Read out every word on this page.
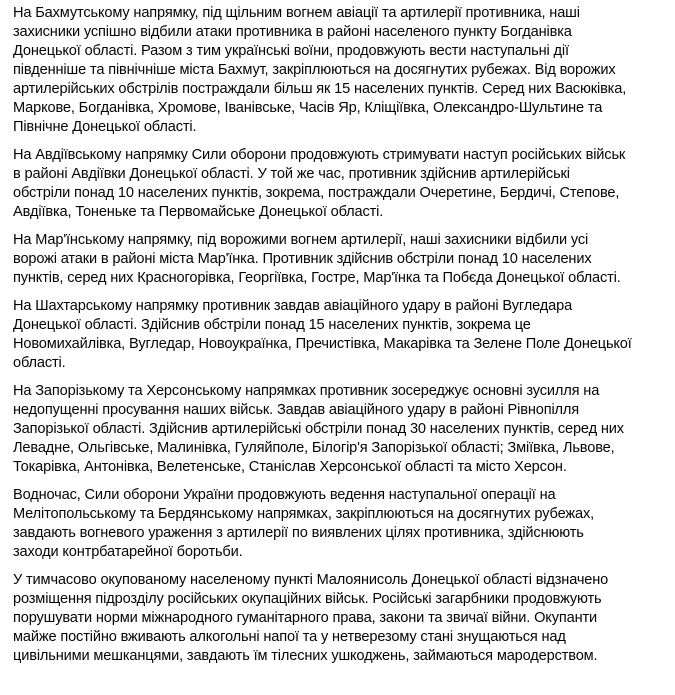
На Бахмутському напрямку, під щільним вогнем авіації та артилерії противника, наші
захисники успішно відбили атаки противника в районі населеного пункту Богданівка
Донецької області. Разом з тим українські воїни, продовжують вести наступальні дії
південніше та північніше міста Бахмут, закріплюються на досягнутих рубежах. Від ворожих
артилерійських обстрілів постраждали більш як 15 населених пунктів. Серед них Васюківка,
Маркове, Богданівка, Хромове, Іванівське, Часів Яр, Кліщіївка, Олександро-Шультине та
Північне Донецької області.

На Авдіївському напрямку Сили оборони продовжують стримувати наступ російських військ
в районі Авдіївки Донецької області. У той же час, противник здійснив артилерійські
обстріли понад 10 населених пунктів, зокрема, постраждали Очеретине, Бердичі, Степове,
Авдіївка, Тоненьке та Первомайське Донецької області.

На Мар'їнському напрямку, під ворожими вогнем артилерії, наші захисники відбили усі
ворожі атаки в районі міста Мар'їнка. Противник здійснив обстріли понад 10 населених
пунктів, серед них Красногорівка, Георгіївка, Гостре, Мар'їнка та Побєда Донецької області.

На Шахтарському напрямку противник завдав авіаційного удару в районі Вугледара
Донецької області. Здійснив обстріли понад 15 населених пунктів, зокрема це
Новомихайлівка, Вугледар, Новоукраїнка, Пречистівка, Макарівка та Зелене Поле Донецької
області.

На Запорізькому та Херсонському напрямках противник зосереджує основні зусилля на
недопущенні просування наших військ. Завдав авіаційного удару в районі Рівнопілля
Запорізької області. Здійснив артилерійські обстріли понад 30 населених пунктів, серед них
Левадне, Ольгівське, Малинівка, Гуляйполе, Білогір'я Запорізької області; Зміївка, Львове,
Токарівка, Антонівка, Велетенське, Станіслав Херсонської області та місто Херсон.

Водночас, Сили оборони України продовжують ведення наступальної операції на
Мелітопольському та Бердянському напрямках, закріплюються на досягнутих рубежах,
завдають вогневого ураження з артилерії по виявлених цілях противника, здійснюють
заходи контрбатарейної боротьби.

У тимчасово окупованому населеному пункті Малоянисоль Донецької області відзначено
розміщення підрозділу російських окупаційних військ. Російські загарбники продовжують
порушувати норми міжнародного гуманітарного права, закони та звичаї війни. Окупанти
майже постійно вживають алкогольні напої та у нетверезому стані знущаються над
цивільними мешканцями, завдають їм тілесних ушкоджень, займаються мародерством.
